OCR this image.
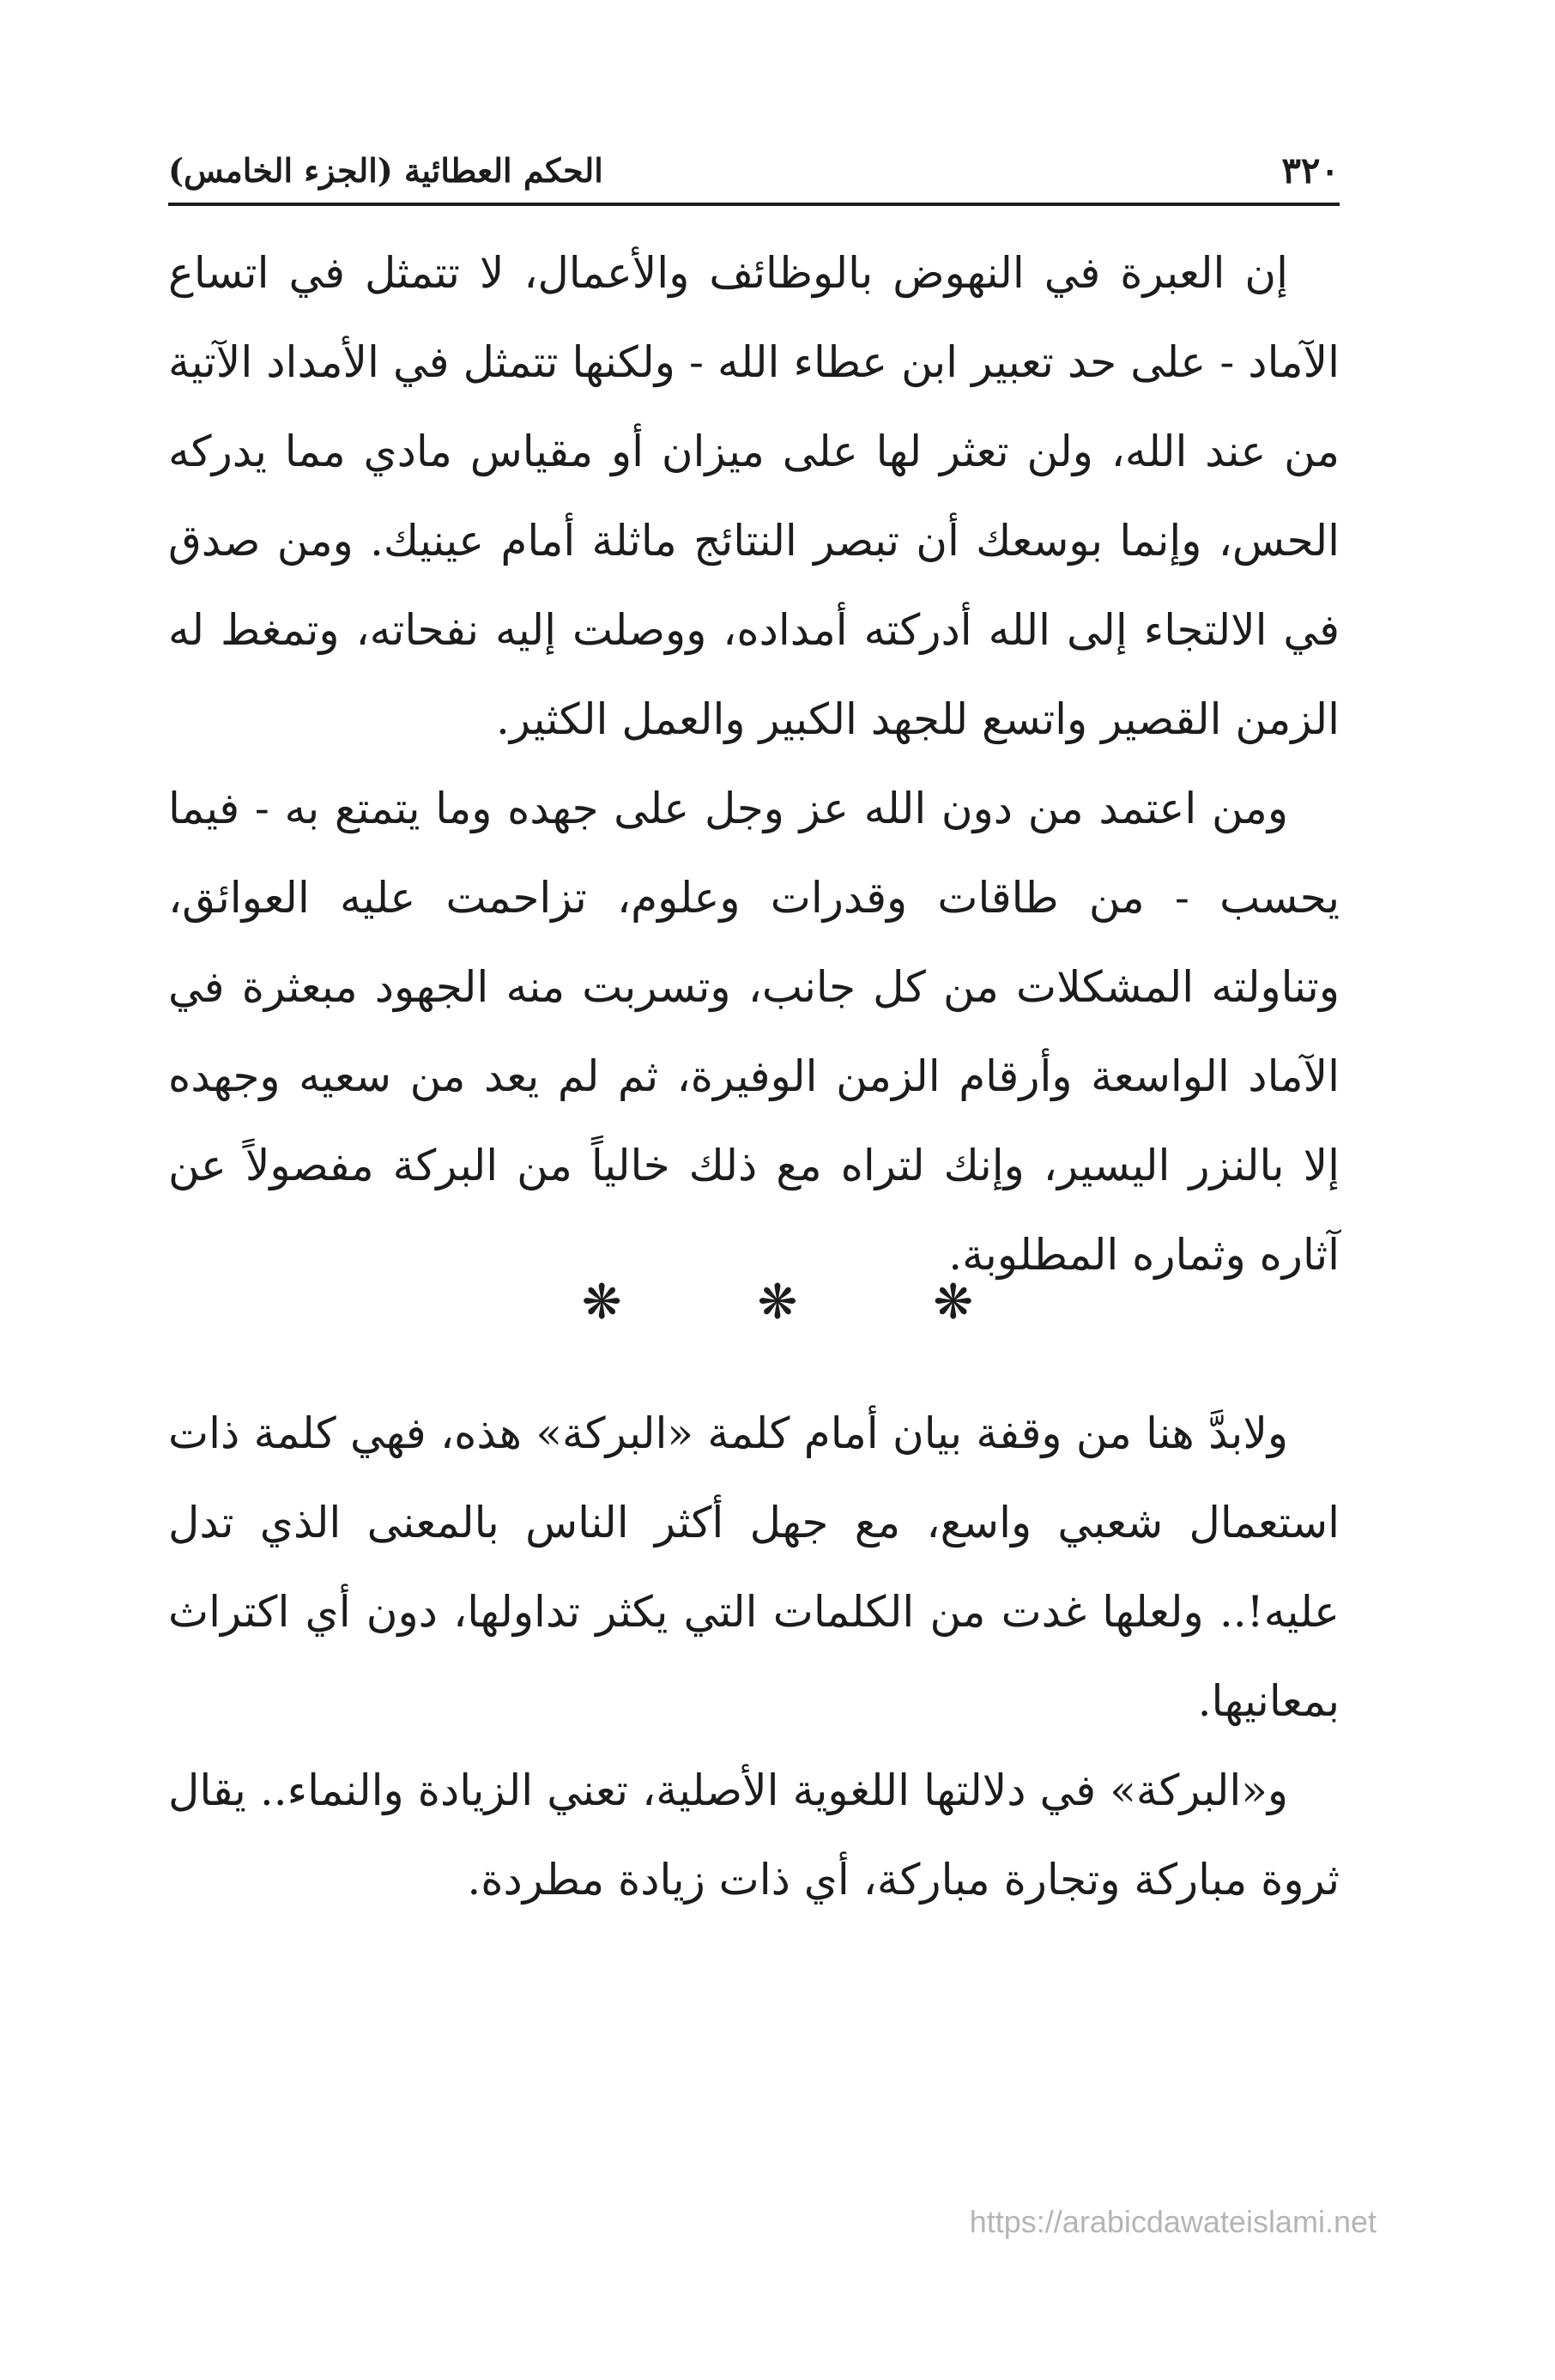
٣٢٠
الحكم العطائية (الجزء الخامس)

إن العبرة في النهوض بالوظائف والأعمال، لا تتمثل في اتساع الآماد - على حد تعبير ابن عطاء الله - ولكنها تتمثل في الأمداد الآتية من عند الله، ولن تعثر لها على ميزان أو مقياس مادي مما يدركه الحس، وإنما بوسعك أن تبصر النتائج ماثلة أمام عينيك. ومن صدق في الالتجاء إلى الله أدركته أمداده، ووصلت إليه نفحاته، وتمغط له الزمن القصير واتسع للجهد الكبير والعمل الكثير.

ومن اعتمد من دون الله عز وجل على جهده وما يتمتع به - فيما يحسب - من طاقات وقدرات وعلوم، تزاحمت عليه العوائق، وتناولته المشكلات من كل جانب، وتسربت منه الجهود مبعثرة في الآماد الواسعة وأرقام الزمن الوفيرة، ثم لم يعد من سعيه وجهده إلا بالنزر اليسير، وإنك لتراه مع ذلك خالياً من البركة مفصولاً عن آثاره وثماره المطلوبة.

❋	❋	❋

ولابدَّ هنا من وقفة بيان أمام كلمة «البركة» هذه، فهي كلمة ذات استعمال شعبي واسع، مع جهل أكثر الناس بالمعنى الذي تدل عليه!.. ولعلها غدت من الكلمات التي يكثر تداولها، دون أي اكتراث بمعانيها.

و«البركة» في دلالتها اللغوية الأصلية، تعني الزيادة والنماء.. يقال ثروة مباركة وتجارة مباركة، أي ذات زيادة مطردة.

https://arabicdawateislami.net
